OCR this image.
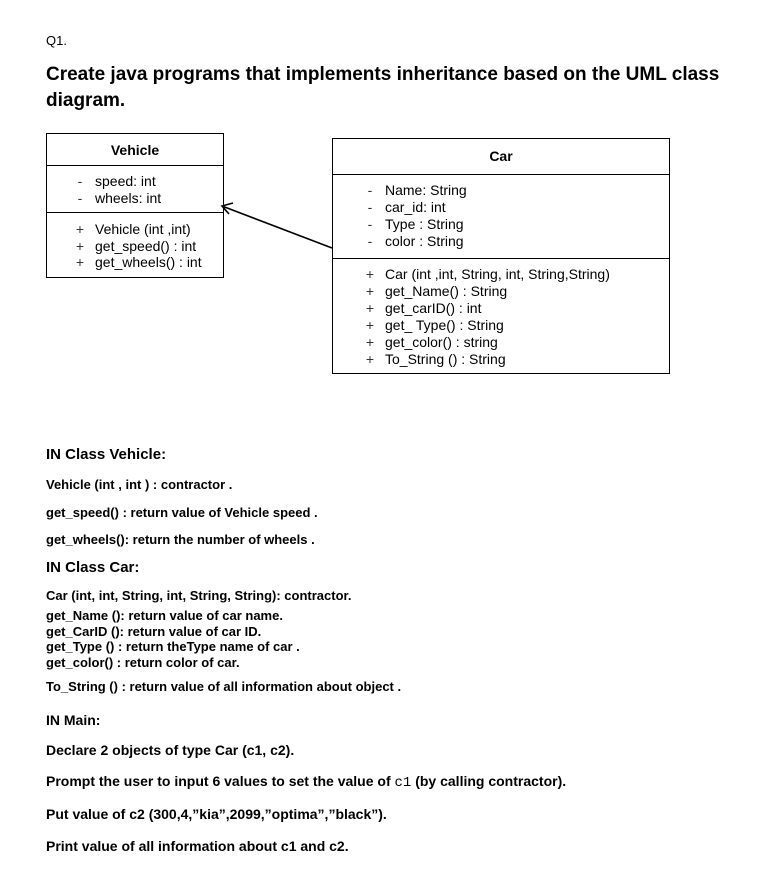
Q1.
Create java programs that implements inheritance based on the UML class diagram.
Vehicle
- speed: int

- wheels: int

+ Vehicle (int ,int)

+ get_speed() : int

+ get_wheels() : int

Car
- Name: String

- car_id: int

- Type : String

- color : String

+ Car (int ,int, String, int, String,String)

+ get_Name() : String

+ get_carID() : int

+ get_ Type() : String

+ get_color() : string

+ To_String () : String

IN Class Vehicle:
Vehicle (int , int ) : contractor .
get_speed() : return value of Vehicle speed .
get_wheels(): return the number of wheels .
IN Class Car:
Car (int, int, String, int, String, String): contractor.
get_Name (): return value of car name.
get_CarID (): return value of car ID.
get_Type () : return theType name of car .
get_color() : return color of car.
To_String () : return value of all information about object .
IN Main:
Declare 2 objects of type Car (c1, c2).
Prompt the user to input 6 values to set the value of c1 (by calling contractor).
Put value of c2 (300,4,”kia”,2099,”optima”,”black”).
Print value of all information about c1 and c2.
